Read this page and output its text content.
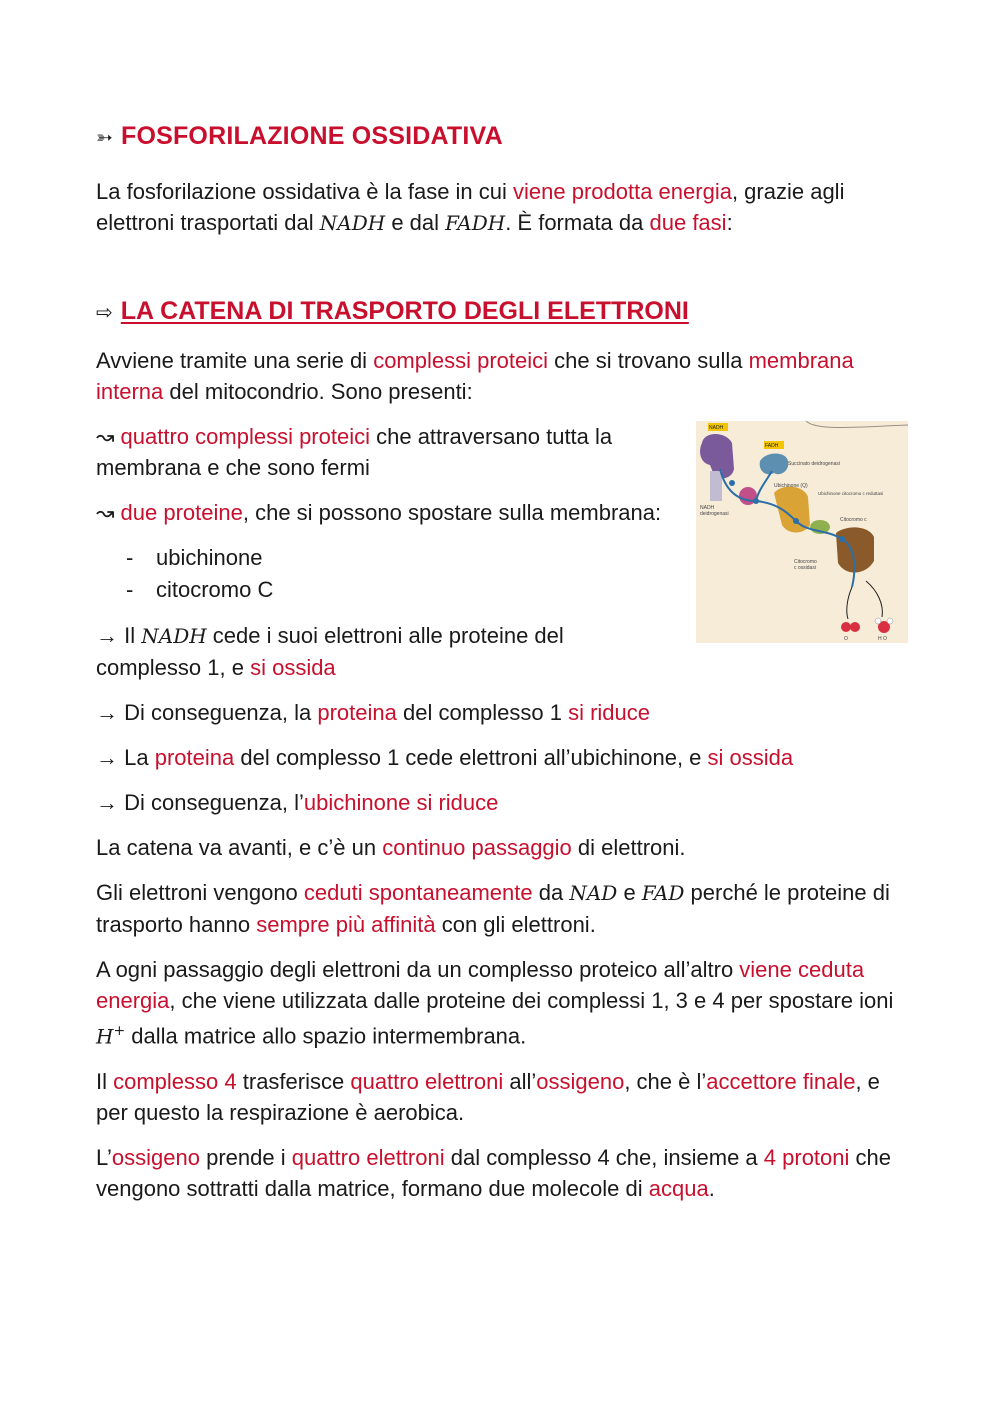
➳ FOSFORILAZIONE OSSIDATIVA

La fosforilazione ossidativa è la fase in cui viene prodotta energia, grazie agli elettroni trasportati dal NADH e dal FADH. È formata da due fasi:

⇨ LA CATENA DI TRASPORTO DEGLI ELETTRONI

Avviene tramite una serie di complessi proteici che si trovano sulla membrana interna del mitocondrio. Sono presenti:

NADH
FADH
Succinato deidrogenasi
Ubichinone (Q)
Ubichinone citocromo c reduttasi
NADH
deidrogenasi
Citocromo c
Citocromo
c ossidasi
O	H O

↝ quattro complessi proteici che attraversano tutta la membrana e che sono fermi

↝ due proteine, che si possono spostare sulla membrana:

- ubichinone
- citocromo C

→ Il NADH cede i suoi elettroni alle proteine del complesso 1, e si ossida

→ Di conseguenza, la proteina del complesso 1 si riduce

→ La proteina del complesso 1 cede elettroni all’ubichinone, e si ossida

→ Di conseguenza, l’ubichinone si riduce

La catena va avanti, e c’è un continuo passaggio di elettroni.

Gli elettroni vengono ceduti spontaneamente da NAD e FAD perché le proteine di trasporto hanno sempre più affinità con gli elettroni.

A ogni passaggio degli elettroni da un complesso proteico all’altro viene ceduta energia, che viene utilizzata dalle proteine dei complessi 1, 3 e 4 per spostare ioni H+ dalla matrice allo spazio intermembrana.

Il complesso 4 trasferisce quattro elettroni all’ossigeno, che è l’accettore finale, e per questo la respirazione è aerobica.

L’ossigeno prende i quattro elettroni dal complesso 4 che, insieme a 4 protoni che vengono sottratti dalla matrice, formano due molecole di acqua.
